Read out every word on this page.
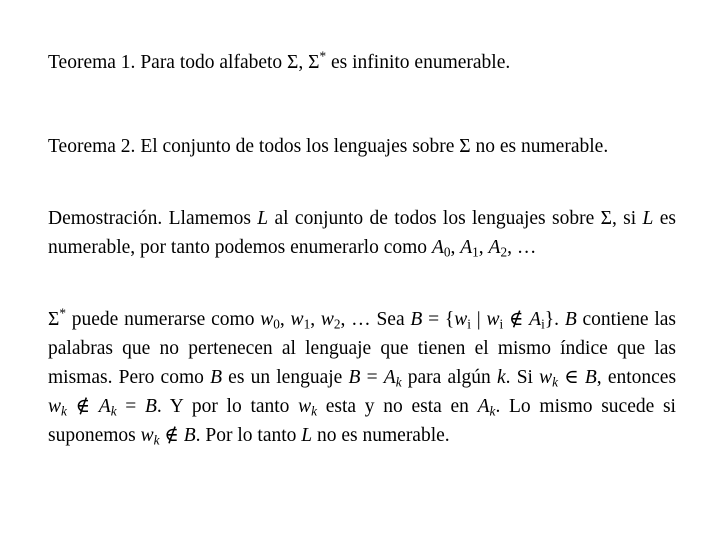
Teorema 1. Para todo alfabeto Σ, Σ* es infinito enumerable.

Teorema 2. El conjunto de todos los lenguajes sobre Σ no es numerable.

Demostración. Llamemos L al conjunto de todos los lenguajes sobre Σ, si L es numerable, por tanto podemos enumerarlo como $A_0$, $A_1$, $A_2$, …

Σ* puede numerarse como $w_0$, $w_1$, $w_2$, … Sea $B = \{w_i$ | $w_i$ ∉ $A_i$}. B contiene las palabras que no pertenecen al lenguaje que tienen el mismo índice que las mismas. Pero como B es un lenguaje $B = A_k$ para algún k. Si $w_k$ ∈ B, entonces $w_k$ ∉ $A_k = B$. Y por lo tanto $w_k$ esta y no esta en $A_k$. Lo mismo sucede si suponemos $w_k$ ∉ B. Por lo tanto L no es numerable.
